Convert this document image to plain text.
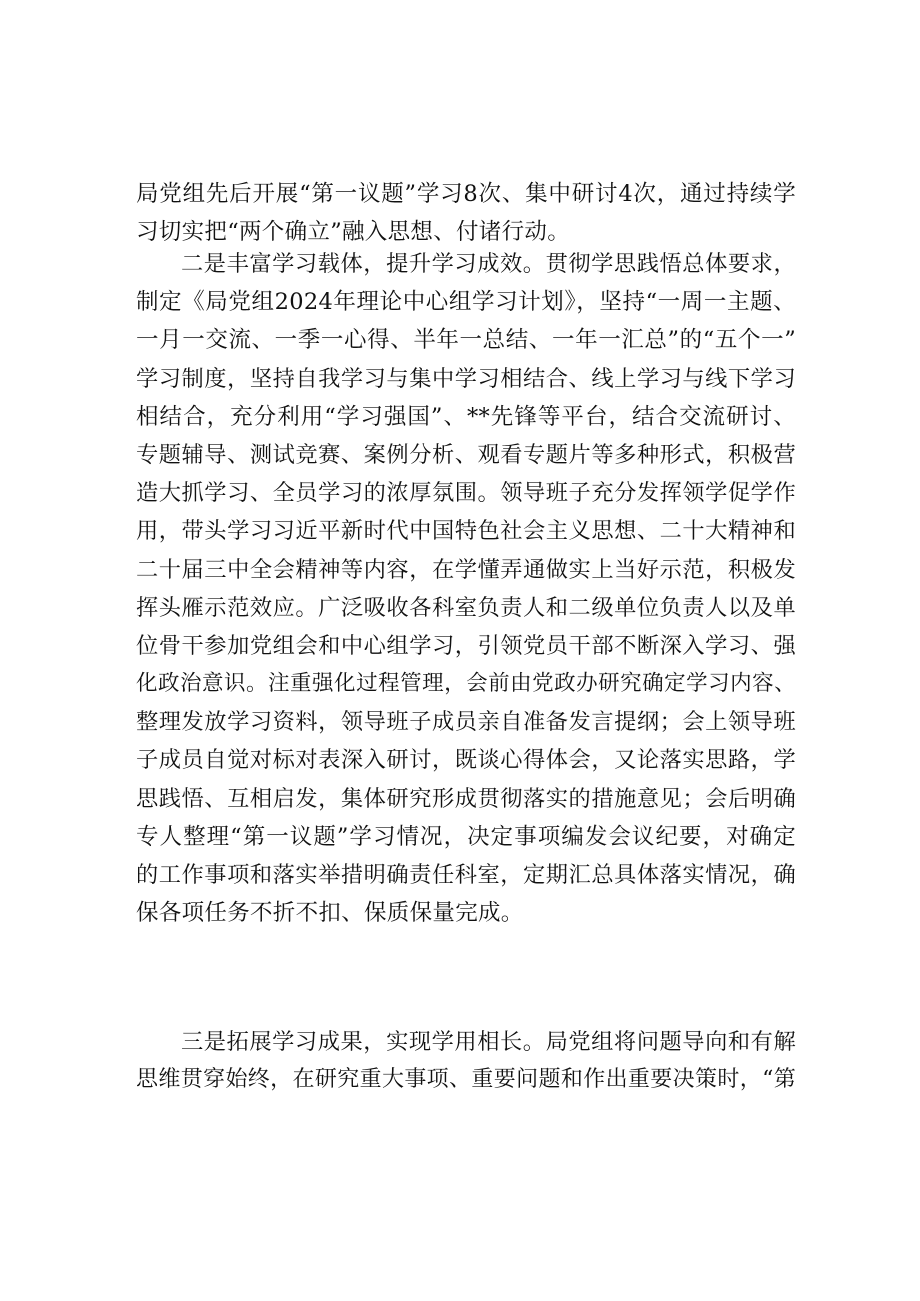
局党组先后开展“第一议题”学习8次、集中研讨4次，通过持续学
习切实把“两个确立”融入思想、付诸行动。
二是丰富学习载体，提升学习成效。贯彻学思践悟总体要求，
制定《局党组2024年理论中心组学习计划》，坚持“一周一主题、
一月一交流、一季一心得、半年一总结、一年一汇总”的“五个一”
学习制度，坚持自我学习与集中学习相结合、线上学习与线下学习
相结合，充分利用“学习强国”、**先锋等平台，结合交流研讨、
专题辅导、测试竞赛、案例分析、观看专题片等多种形式，积极营
造大抓学习、全员学习的浓厚氛围。领导班子充分发挥领学促学作
用，带头学习习近平新时代中国特色社会主义思想、二十大精神和
二十届三中全会精神等内容，在学懂弄通做实上当好示范，积极发
挥头雁示范效应。广泛吸收各科室负责人和二级单位负责人以及单
位骨干参加党组会和中心组学习，引领党员干部不断深入学习、强
化政治意识。注重强化过程管理，会前由党政办研究确定学习内容、
整理发放学习资料，领导班子成员亲自准备发言提纲；会上领导班
子成员自觉对标对表深入研讨，既谈心得体会，又论落实思路，学
思践悟、互相启发，集体研究形成贯彻落实的措施意见；会后明确
专人整理“第一议题”学习情况，决定事项编发会议纪要，对确定
的工作事项和落实举措明确责任科室，定期汇总具体落实情况，确
保各项任务不折不扣、保质保量完成。
三是拓展学习成果，实现学用相长。局党组将问题导向和有解
思维贯穿始终，在研究重大事项、重要问题和作出重要决策时，“第
